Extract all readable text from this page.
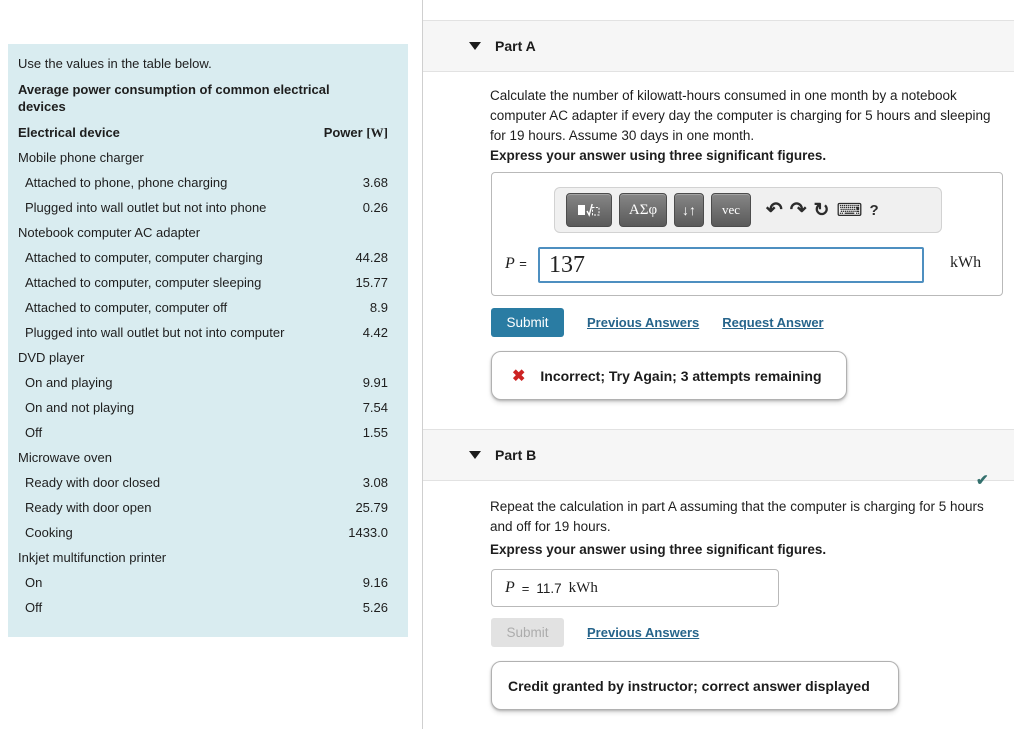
Use the values in the table below.
Average power consumption of common electrical devices
Electrical device	Power [W]
Mobile phone charger
Attached to phone, phone charging	3.68
Plugged into wall outlet but not into phone	0.26
Notebook computer AC adapter
Attached to computer, computer charging	44.28
Attached to computer, computer sleeping	15.77
Attached to computer, computer off	8.9
Plugged into wall outlet but not into computer	4.42
DVD player
On and playing	9.91
On and not playing	7.54
Off	1.55
Microwave oven
Ready with door closed	3.08
Ready with door open	25.79
Cooking	1433.0
Inkjet multifunction printer
On	9.16
Off	5.26
Part A
Calculate the number of kilowatt-hours consumed in one month by a notebook computer AC adapter if every day the computer is charging for 5 hours and sleeping for 19 hours. Assume 30 days in one month.
Express your answer using three significant figures.
ΑΣφ	↓↑	vec	↶ ↷ ↻ ⌨ ?
P =
137	kWh
Submit	Previous Answers Request Answer
✖ Incorrect; Try Again; 3 attempts remaining
Part B
✔
Repeat the calculation in part A assuming that the computer is charging for 5 hours and off for 19 hours.
Express your answer using three significant figures.
P = 11.7 kWh
Submit	Previous Answers
Credit granted by instructor; correct answer displayed
